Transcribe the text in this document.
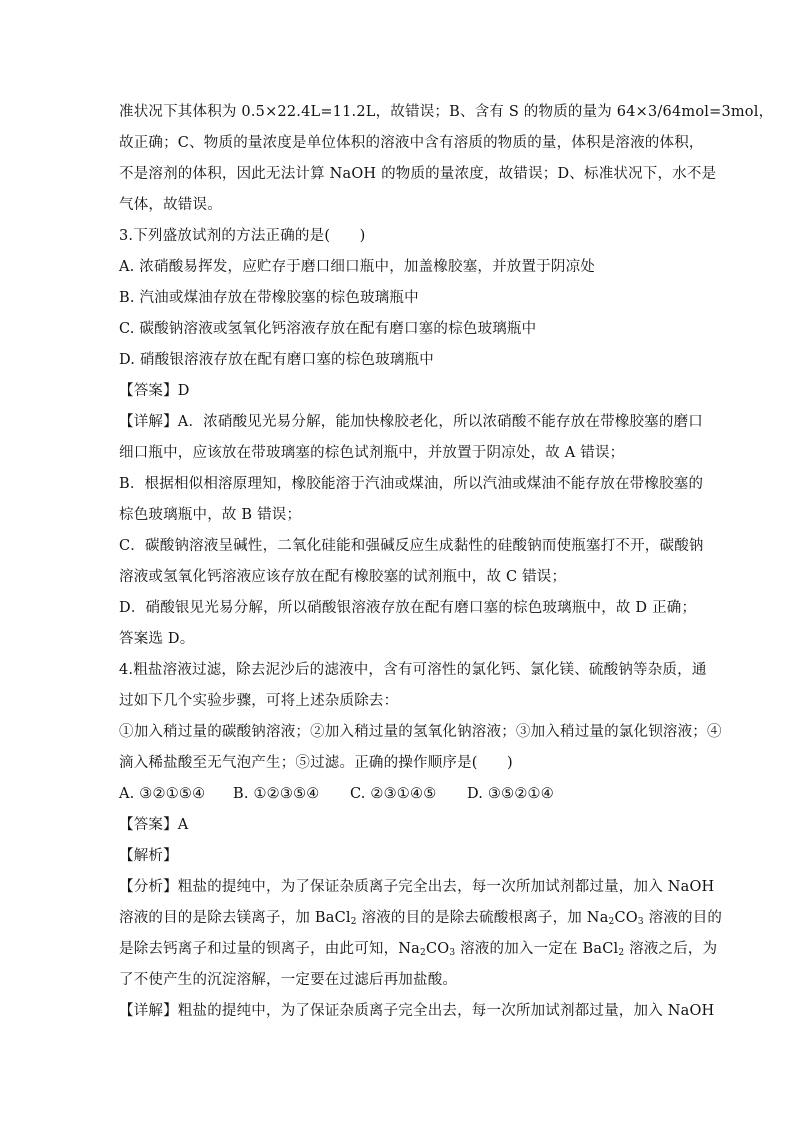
准状况下其体积为 0.5×22.4L=11.2L，故错误；B、含有 S 的物质的量为 64×3/64mol=3mol，
故正确；C、物质的量浓度是单位体积的溶液中含有溶质的物质的量，体积是溶液的体积，
不是溶剂的体积，因此无法计算 NaOH 的物质的量浓度，故错误；D、标准状况下，水不是
气体，故错误。
3.下列盛放试剂的方法正确的是(　　)
A. 浓硝酸易挥发，应贮存于磨口细口瓶中，加盖橡胶塞，并放置于阴凉处
B. 汽油或煤油存放在带橡胶塞的棕色玻璃瓶中
C. 碳酸钠溶液或氢氧化钙溶液存放在配有磨口塞的棕色玻璃瓶中
D. 硝酸银溶液存放在配有磨口塞的棕色玻璃瓶中
【答案】D
【详解】A．浓硝酸见光易分解，能加快橡胶老化，所以浓硝酸不能存放在带橡胶塞的磨口
细口瓶中，应该放在带玻璃塞的棕色试剂瓶中，并放置于阴凉处，故 A 错误；
B．根据相似相溶原理知，橡胶能溶于汽油或煤油，所以汽油或煤油不能存放在带橡胶塞的
棕色玻璃瓶中，故 B 错误；
C．碳酸钠溶液呈碱性，二氧化硅能和强碱反应生成黏性的硅酸钠而使瓶塞打不开，碳酸钠
溶液或氢氧化钙溶液应该存放在配有橡胶塞的试剂瓶中，故 C 错误；
D．硝酸银见光易分解，所以硝酸银溶液存放在配有磨口塞的棕色玻璃瓶中，故 D 正确；
答案选 D。
4.粗盐溶液过滤，除去泥沙后的滤液中，含有可溶性的氯化钙、氯化镁、硫酸钠等杂质，通
过如下几个实验步骤，可将上述杂质除去：
①加入稍过量的碳酸钠溶液；②加入稍过量的氢氧化钠溶液；③加入稍过量的氯化钡溶液；④
滴入稀盐酸至无气泡产生；⑤过滤。正确的操作顺序是(　　)
A. ③②①⑤④ B. ①②③⑤④ C. ②③①④⑤ D. ③⑤②①④
【答案】A
【解析】
【分析】粗盐的提纯中，为了保证杂质离子完全出去，每一次所加试剂都过量，加入 NaOH
溶液的目的是除去镁离子，加 BaCl$_2$ 溶液的目的是除去硫酸根离子，加 $Na_2CO_3$ 溶液的目的
是除去钙离子和过量的钡离子，由此可知，$Na_2CO_3$ 溶液的加入一定在 BaCl$_2$ 溶液之后，为
了不使产生的沉淀溶解，一定要在过滤后再加盐酸。
【详解】粗盐的提纯中，为了保证杂质离子完全出去，每一次所加试剂都过量，加入 NaOH
